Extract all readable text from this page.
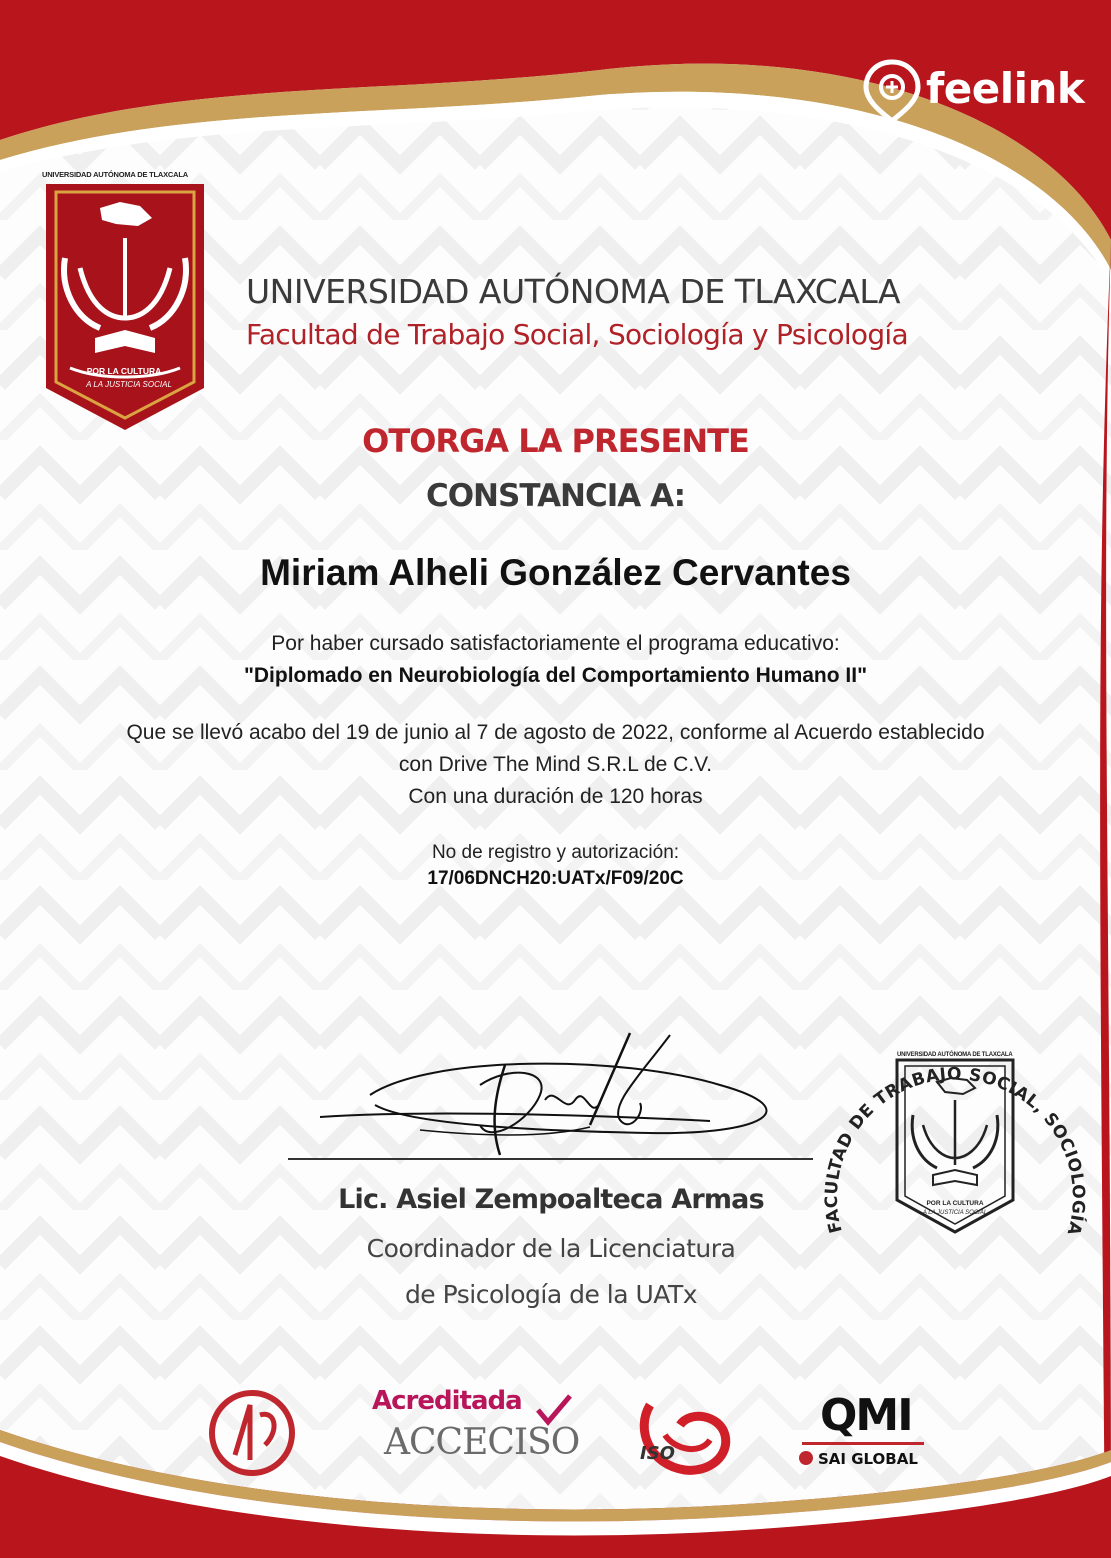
feelink
UNIVERSIDAD AUTÓNOMA DE TLAXCALA
POR LA CULTURA
A LA JUSTICIA SOCIAL
UNIVERSIDAD AUTÓNOMA DE TLAXCALA
Facultad de Trabajo Social, Sociología y Psicología
OTORGA LA PRESENTE
CONSTANCIA A:
Miriam Alheli González Cervantes
Por haber cursado satisfactoriamente el programa educativo:
"Diplomado en Neurobiología del Comportamiento Humano II"
Que se llevó acabo del 19 de junio al 7 de agosto de 2022, conforme al Acuerdo establecido
con Drive The Mind S.R.L de C.V.
Con una duración de 120 horas
No de registro y autorización:
17/06DNCH20:UATx/F09/20C
Lic. Asiel Zempoalteca Armas
Coordinador de la Licenciatura
de Psicología de la UATx
FACULTAD DE TRABAJO SOCIAL, SOCIOLOGÍA
UNIVERSIDAD AUTÓNOMA DE TLAXCALA
POR LA CULTURA
A LA JUSTICIA SOCIAL
Acreditada
ACCECISO	ISO
QMI
SAI GLOBAL
